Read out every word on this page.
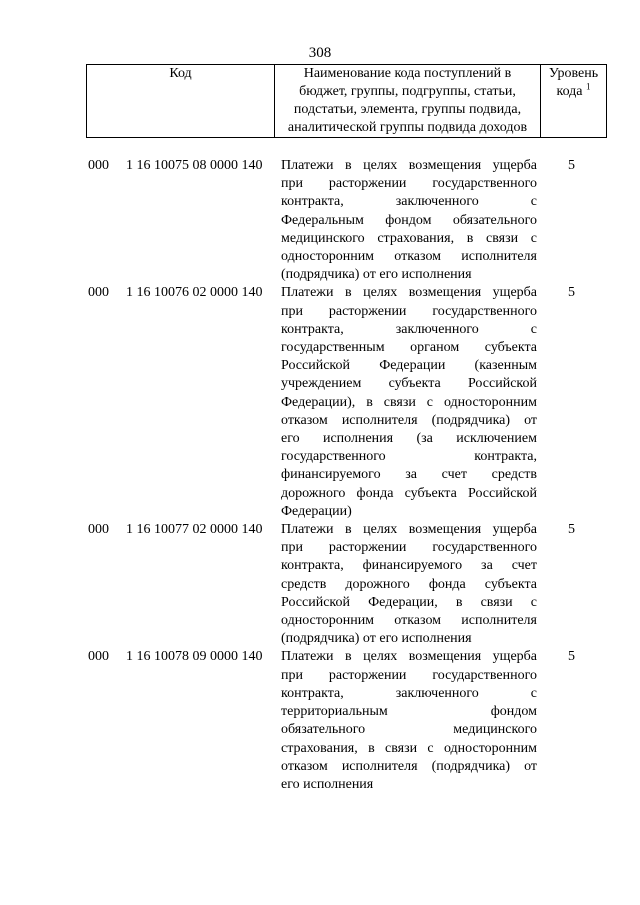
308
Код	Наименование кода поступлений в
бюджет, группы, подгруппы, статьи,
подстатьи, элемента, группы подвида,
аналитической группы подвида доходов
Уровень
кода $^1$
000 1 16 10075 08 0000 140 Платежи в целях возмещения ущерба
при расторжении государственного
контракта, заключенного с
Федеральным фондом обязательного
медицинского страхования, в связи с
односторонним отказом исполнителя
(подрядчика) от его исполнения
5
000 1 16 10076 02 0000 140 Платежи в целях возмещения ущерба
при расторжении государственного
контракта, заключенного с
государственным органом субъекта
Российской Федерации (казенным
учреждением субъекта Российской
Федерации), в связи с односторонним
отказом исполнителя (подрядчика) от
его исполнения (за исключением
государственного контракта,
финансируемого за счет средств
дорожного фонда субъекта Российской
Федерации)
5
000 1 16 10077 02 0000 140 Платежи в целях возмещения ущерба
при расторжении государственного
контракта, финансируемого за счет
средств дорожного фонда субъекта
Российской Федерации, в связи с
односторонним отказом исполнителя
(подрядчика) от его исполнения
5
000 1 16 10078 09 0000 140 Платежи в целях возмещения ущерба
при расторжении государственного
контракта, заключенного с
территориальным фондом
обязательного медицинского
страхования, в связи с односторонним
отказом исполнителя (подрядчика) от
его исполнения
5
